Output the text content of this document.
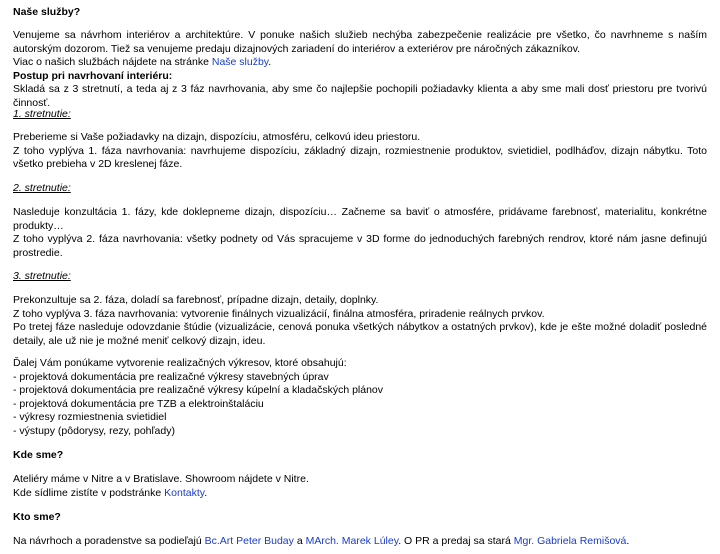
Naše služby?

Venujeme sa návrhom interiérov a architektúre. V ponuke našich služieb nechýba zabezpečenie realizácie pre všetko, čo navrhneme s naším autorským dozorom. Tiež sa venujeme predaju dizajnových zariadení do interiérov a exteriérov pre náročných zákazníkov.

Viac o našich službách nájdete na stránke Naše služby.

Postup pri navrhovaní interiéru:

Skladá sa z 3 stretnutí, a teda aj z 3 fáz navrhovania, aby sme čo najlepšie pochopili požiadavky klienta a aby sme mali dosť priestoru pre tvorivú činnosť.

1. stretnutie:

Preberieme si Vaše požiadavky na dizajn, dispozíciu, atmosféru, celkovú ideu priestoru.

Z toho vyplýva 1. fáza navrhovania: navrhujeme dispozíciu, základný dizajn, rozmiestnenie produktov, svietidiel, podlháďov, dizajn nábytku. Toto všetko prebieha v 2D kreslenej fáze.

2. stretnutie:

Nasleduje konzultácia 1. fázy, kde doklepneme dizajn, dispozíciu… Začneme sa baviť o atmosfére, pridávame farebnosť, materialitu, konkrétne produkty…

Z toho vyplýva 2. fáza navrhovania: všetky podnety od Vás spracujeme v 3D forme do jednoduchých farebných rendrov, ktoré nám jasne definujú prostredie.

3. stretnutie:

Prekonzultuje sa 2. fáza, doladí sa farebnosť, prípadne dizajn, detaily, doplnky.

Z toho vyplýva 3. fáza navrhovania: vytvorenie finálnych vizualizácií, finálna atmosféra, priradenie reálnych prvkov.

Po tretej fáze nasleduje odovzdanie štúdie (vizualizácie, cenová ponuka všetkých nábytkov a ostatných prvkov), kde je ešte možné doladiť posledné detaily, ale už nie je možné meniť celkový dizajn, ideu.

Ďalej Vám ponúkame vytvorenie realizačných výkresov, ktoré obsahujú:

- projektová dokumentácia pre realizačné výkresy stavebných úprav

- projektová dokumentácia pre realizačné výkresy kúpelní a kladačských plánov

- projektová dokumentácia pre TZB a elektroinštaláciu

- výkresy rozmiestnenia svietidiel

- výstupy (pôdorysy, rezy, pohľady)

Kde sme?

Ateliéry máme v Nitre a v Bratislave. Showroom nájdete v Nitre.

Kde sídlime zistíte v podstránke Kontakty.

Kto sme?

Na návrhoch a poradenstve sa podieľajú Bc.Art Peter Buday a MArch. Marek Lúley. O PR a predaj sa stará Mgr. Gabriela Remišová.
